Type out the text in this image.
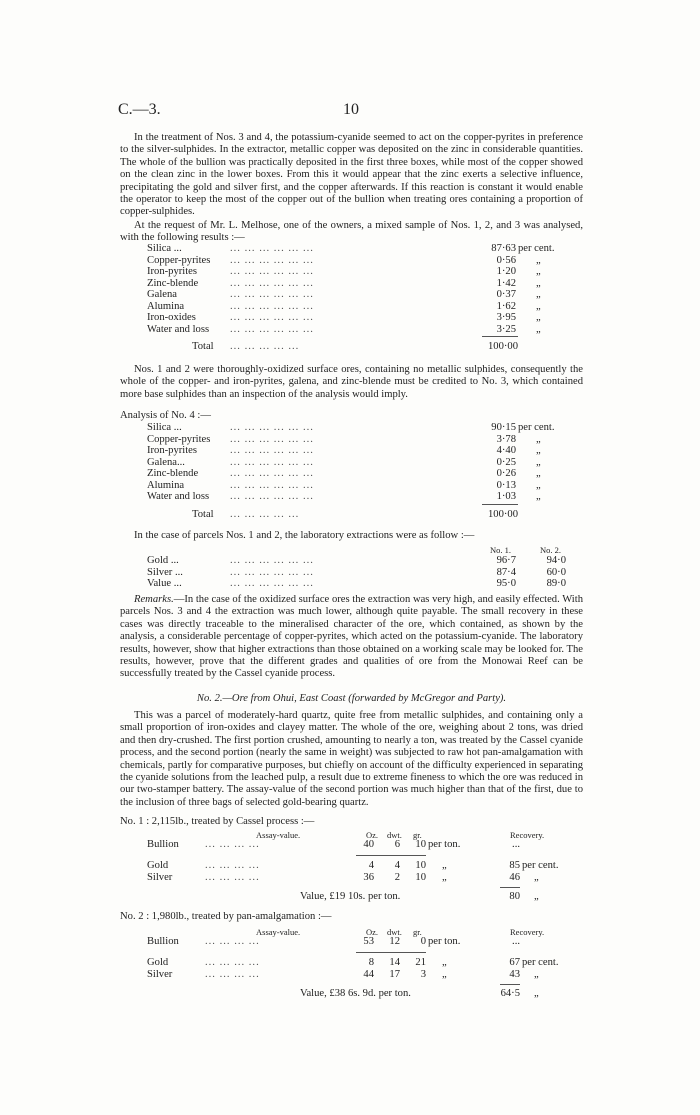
C.—3.	10
In the treatment of Nos. 3 and 4, the potassium-cyanide seemed to act on the copper-pyrites in preference to the silver-sulphides. In the extractor, metallic copper was deposited on the zinc in considerable quantities. The whole of the bullion was practically deposited in the first three boxes, while most of the copper showed on the clean zinc in the lower boxes. From this it would appear that the zinc exerts a selective influence, precipitating the gold and silver first, and the copper afterwards. If this reaction is constant it would enable the operator to keep the most of the copper out of the bullion when treating ores containing a proportion of copper-sulphides.
At the request of Mr. L. Melhose, one of the owners, a mixed sample of Nos. 1, 2, and 3 was analysed, with the following results :—
Silica ...	... ... ... ... ... ...	87·63 per cent.
Copper-pyrites ... ... ... ... ... ...	0·56 „
Iron-pyrites	... ... ... ... ... ...	1·20 „
Zinc-blende	... ... ... ... ... ...	1·42 „
Galena	... ... ... ... ... ...	0·37 „
Alumina	... ... ... ... ... ...	1·62 „
Iron-oxides	... ... ... ... ... ...	3·95 „
Water and loss ... ... ... ... ... ...	3·25 „
Total ... ... ... ... ...	100·00
Nos. 1 and 2 were thoroughly-oxidized surface ores, containing no metallic sulphides, consequently the whole of the copper- and iron-pyrites, galena, and zinc-blende must be credited to No. 3, which contained more base sulphides than an inspection of the analysis would imply.
Analysis of No. 4 :—
Silica ...	... ... ... ... ... ...	90·15 per cent.
Copper-pyrites ... ... ... ... ... ...	3·78 „
Iron-pyrites	... ... ... ... ... ...	4·40 „
Galena...	... ... ... ... ... ...	0·25 „
Zinc-blende	... ... ... ... ... ...	0·26 „
Alumina	... ... ... ... ... ...	0·13 „
Water and loss ... ... ... ... ... ...	1·03 „
Total ... ... ... ... ...	100·00
In the case of parcels Nos. 1 and 2, the laboratory extractions were as follow :—
No. 1.	No. 2.
Gold ...	... ... ... ... ... ...	96·7	94·0
Silver ...	... ... ... ... ... ...	87·4	60·0
Value ...	... ... ... ... ... ...	95·0	89·0
Remarks.—In the case of the oxidized surface ores the extraction was very high, and easily effected. With parcels Nos. 3 and 4 the extraction was much lower, although quite payable. The small recovery in these cases was directly traceable to the mineralised character of the ore, which contained, as shown by the analysis, a considerable percentage of copper-pyrites, which acted on the potassium-cyanide. The laboratory results, however, show that higher extractions than those obtained on a working scale may be looked for. The results, however, prove that the different grades and qualities of ore from the Monowai Reef can be successfully treated by the Cassel cyanide process.
No. 2.—Ore from Ohui, East Coast (forwarded by McGregor and Party).
This was a parcel of moderately-hard quartz, quite free from metallic sulphides, and containing only a small proportion of iron-oxides and clayey matter. The whole of the ore, weighing about 2 tons, was dried and then dry-crushed. The first portion crushed, amounting to nearly a ton, was treated by the Cassel cyanide process, and the second portion (nearly the same in weight) was subjected to raw hot pan-amalgamation with chemicals, partly for comparative purposes, but chiefly on account of the difficulty experienced in separating the cyanide solutions from the leached pulp, a result due to extreme fineness to which the ore was reduced in our two-stamper battery. The assay-value of the second portion was much higher than that of the first, due to the inclusion of three bags of selected gold-bearing quartz.
No. 1 : 2,115lb., treated by Cassel process :—
Assay-value.	Oz. dwt. gr.	Recovery.
Bullion ... ... ... ...	40	6	10 per ton.	...
Gold	... ... ... ...	4	4	10 „	85 per cent.
Silver	... ... ... ...	36	2	10 „	46 „
Value, £19 10s. per ton.	80 „
No. 2 : 1,980lb., treated by pan-amalgamation :—
Assay-value.	Oz. dwt. gr.	Recovery.
Bullion ... ... ... ...	53	12	0 per ton.	...
Gold	... ... ... ...	8	14	21 „	67 per cent.
Silver	... ... ... ...	44	17	3 „	43 „
Value, £38 6s. 9d. per ton.	64·5 „
